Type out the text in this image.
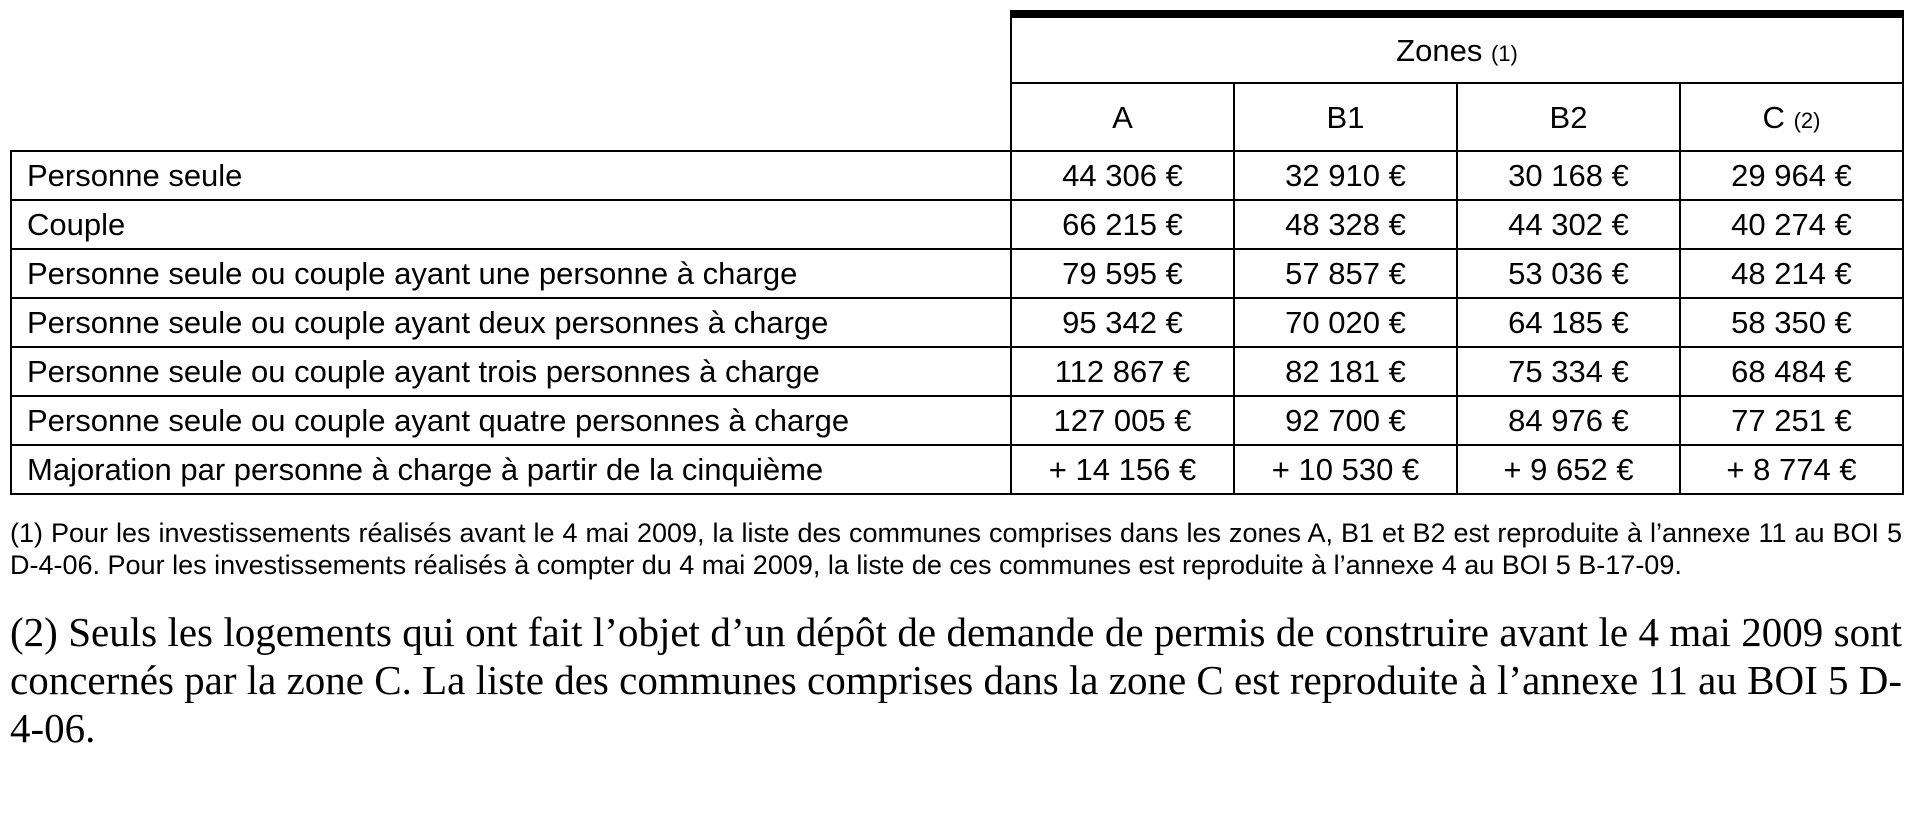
	Zones (1)			
	A	B1	B2	C (2)
Personne seule	44 306 €	32 910 €	30 168 €	29 964 €
Couple	66 215 €	48 328 €	44 302 €	40 274 €
Personne seule ou couple ayant une personne à charge	79 595 €	57 857 €	53 036 €	48 214 €
Personne seule ou couple ayant deux personnes à charge	95 342 €	70 020 €	64 185 €	58 350 €
Personne seule ou couple ayant trois personnes à charge	112 867 €	82 181 €	75 334 €	68 484 €
Personne seule ou couple ayant quatre personnes à charge	127 005 €	92 700 €	84 976 €	77 251 €
Majoration par personne à charge à partir de la cinquième	+ 14 156 €	+ 10 530 €	+ 9 652 €	+ 8 774 €

(1) Pour les investissements réalisés avant le 4 mai 2009, la liste des communes comprises dans les zones A, B1 et B2 est reproduite à l’annexe 11 au BOI 5 D-4-06. Pour les investissements réalisés à compter du 4 mai 2009, la liste de ces communes est reproduite à l’annexe 4 au BOI 5 B-17-09.

(2) Seuls les logements qui ont fait l’objet d’un dépôt de demande de permis de construire avant le 4 mai 2009 sont concernés par la zone C. La liste des communes comprises dans la zone C est reproduite à l’annexe 11 au BOI 5 D-4-06.
